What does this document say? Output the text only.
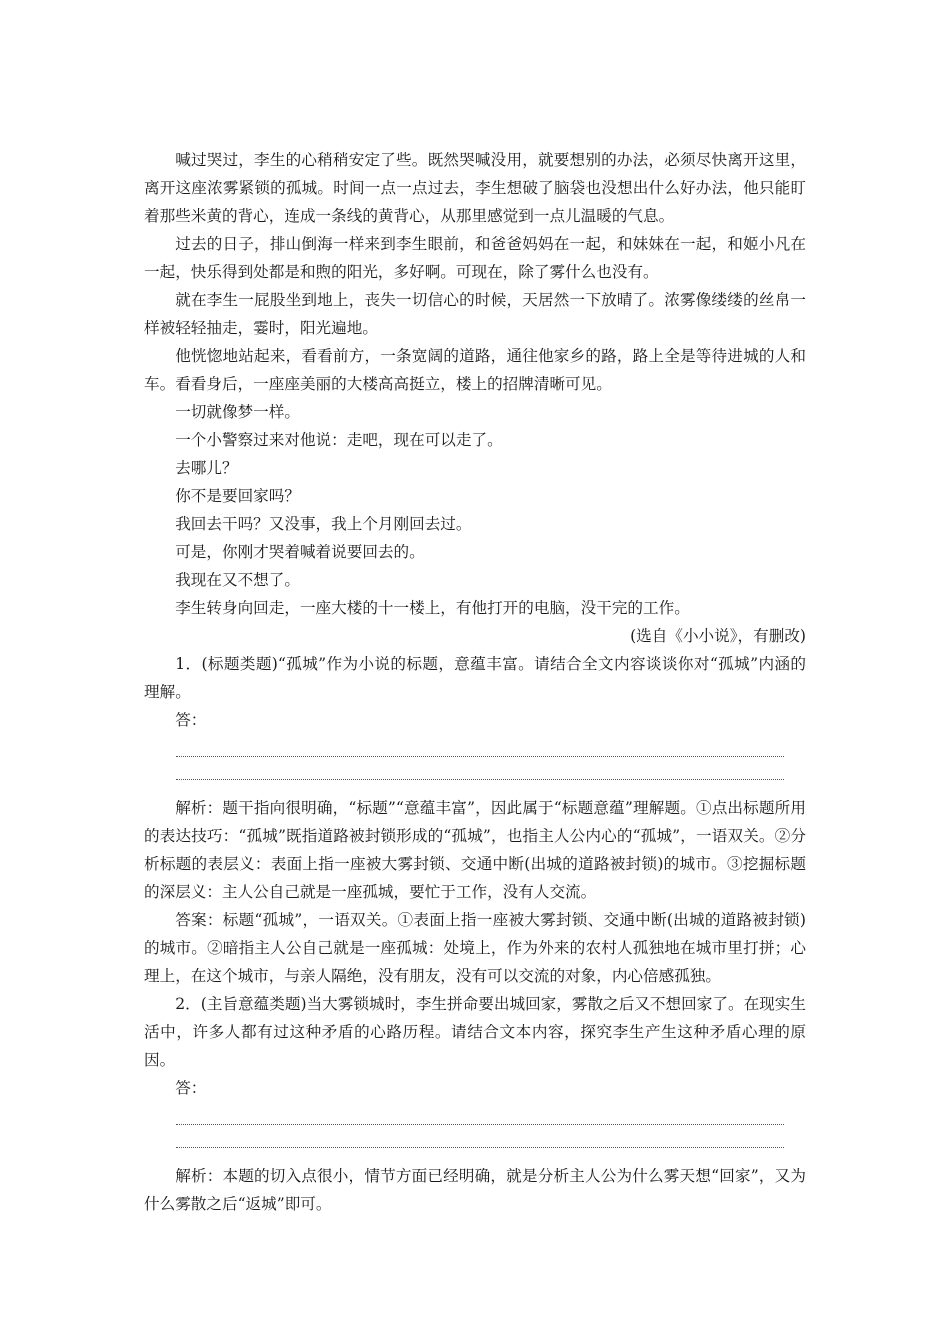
喊过哭过，李生的心稍稍安定了些。既然哭喊没用，就要想别的办法，必须尽快离开这里，离开这座浓雾紧锁的孤城。时间一点一点过去，李生想破了脑袋也没想出什么好办法，他只能盯着那些米黄的背心，连成一条线的黄背心，从那里感觉到一点儿温暖的气息。

过去的日子，排山倒海一样来到李生眼前，和爸爸妈妈在一起，和妹妹在一起，和姬小凡在一起，快乐得到处都是和煦的阳光，多好啊。可现在，除了雾什么也没有。

就在李生一屁股坐到地上，丧失一切信心的时候，天居然一下放晴了。浓雾像缕缕的丝帛一样被轻轻抽走，霎时，阳光遍地。

他恍惚地站起来，看看前方，一条宽阔的道路，通往他家乡的路，路上全是等待进城的人和车。看看身后，一座座美丽的大楼高高挺立，楼上的招牌清晰可见。

一切就像梦一样。

一个小警察过来对他说：走吧，现在可以走了。

去哪儿？

你不是要回家吗？

我回去干吗？又没事，我上个月刚回去过。

可是，你刚才哭着喊着说要回去的。

我现在又不想了。

李生转身向回走，一座大楼的十一楼上，有他打开的电脑，没干完的工作。

(选自《小小说》，有删改)

1．(标题类题)“孤城”作为小说的标题，意蕴丰富。请结合全文内容谈谈你对“孤城”内涵的理解。

答：

解析：题干指向很明确，“标题”“意蕴丰富”，因此属于“标题意蕴”理解题。①点出标题所用的表达技巧：“孤城”既指道路被封锁形成的“孤城”，也指主人公内心的“孤城”，一语双关。②分析标题的表层义：表面上指一座被大雾封锁、交通中断(出城的道路被封锁)的城市。③挖掘标题的深层义：主人公自己就是一座孤城，要忙于工作，没有人交流。

答案：标题“孤城”，一语双关。①表面上指一座被大雾封锁、交通中断(出城的道路被封锁)的城市。②暗指主人公自己就是一座孤城：处境上，作为外来的农村人孤独地在城市里打拼；心理上，在这个城市，与亲人隔绝，没有朋友，没有可以交流的对象，内心倍感孤独。

2．(主旨意蕴类题)当大雾锁城时，李生拼命要出城回家，雾散之后又不想回家了。在现实生活中，许多人都有过这种矛盾的心路历程。请结合文本内容，探究李生产生这种矛盾心理的原因。

答：

解析：本题的切入点很小，情节方面已经明确，就是分析主人公为什么雾天想“回家”，又为什么雾散之后“返城”即可。
